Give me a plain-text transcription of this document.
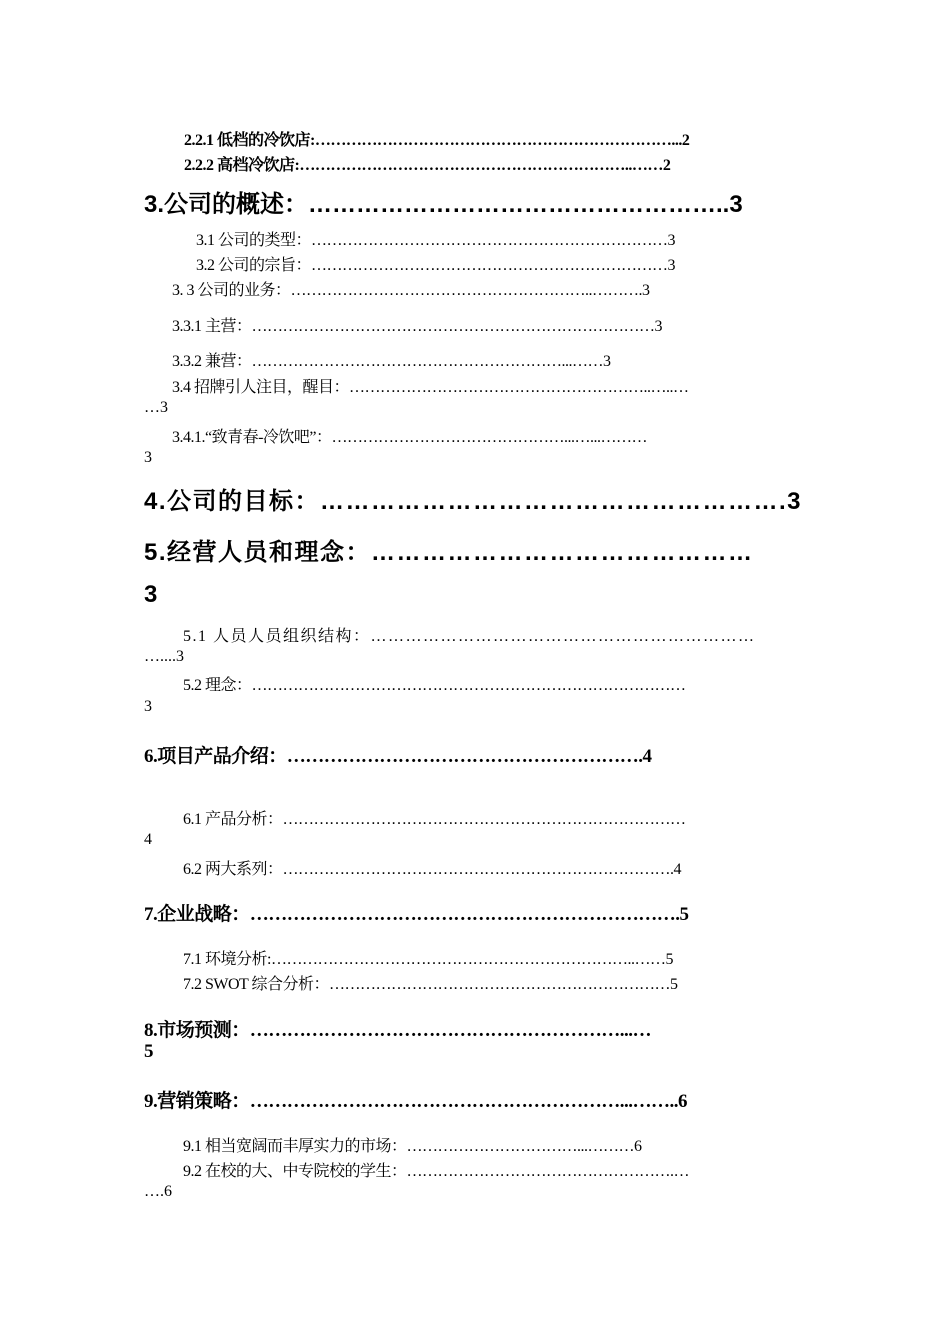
2.2.1 低档的冷饮店:……………………………………………………………...2
2.2.2 高档冷饮店:………………………………………………………..……2
3.公司的概述：……………………………………………..3
3.1 公司的类型：……………………………………………………………3
3.2 公司的宗旨：……………………………………………………………3
3. 3 公司的业务：…………………………………………………..……….3
3.3.1 主营：……………………………………………………………………3
3.3.2 兼营：……………………………………………………...……3
3.4 招牌引人注目，醒目：…………………………………………………..…..…
…3
3.4.1.“致青春-冷饮吧”：………………………………………...…...………
3
4.公司的目标：……………………………………………….3
5.经营人员和理念：………………………………………
3
5.1 人员人员组织结构：…………………………………………………………
…....3
5.2 理念：…………………………………………………………………………
3
6.项目产品介绍：………………………………………………….4
6.1 产品分析：……………………………………………………………………
4
6.2 两大系列：………………………………………………………………….4
7.企业战略：…………………………………………………………….5
7.1 环境分析:……………………………………………………………..……5
7.2 SWOT 综合分析：…………………………………………………………5
8.市场预测：……………………………………………………...…
5
9.营销策略：……………………………………………………...……..6
9.1 相当宽阔而丰厚实力的市场：……………………………...………6
9.2 在校的大、中专院校的学生：…………………………………………….…
….6
